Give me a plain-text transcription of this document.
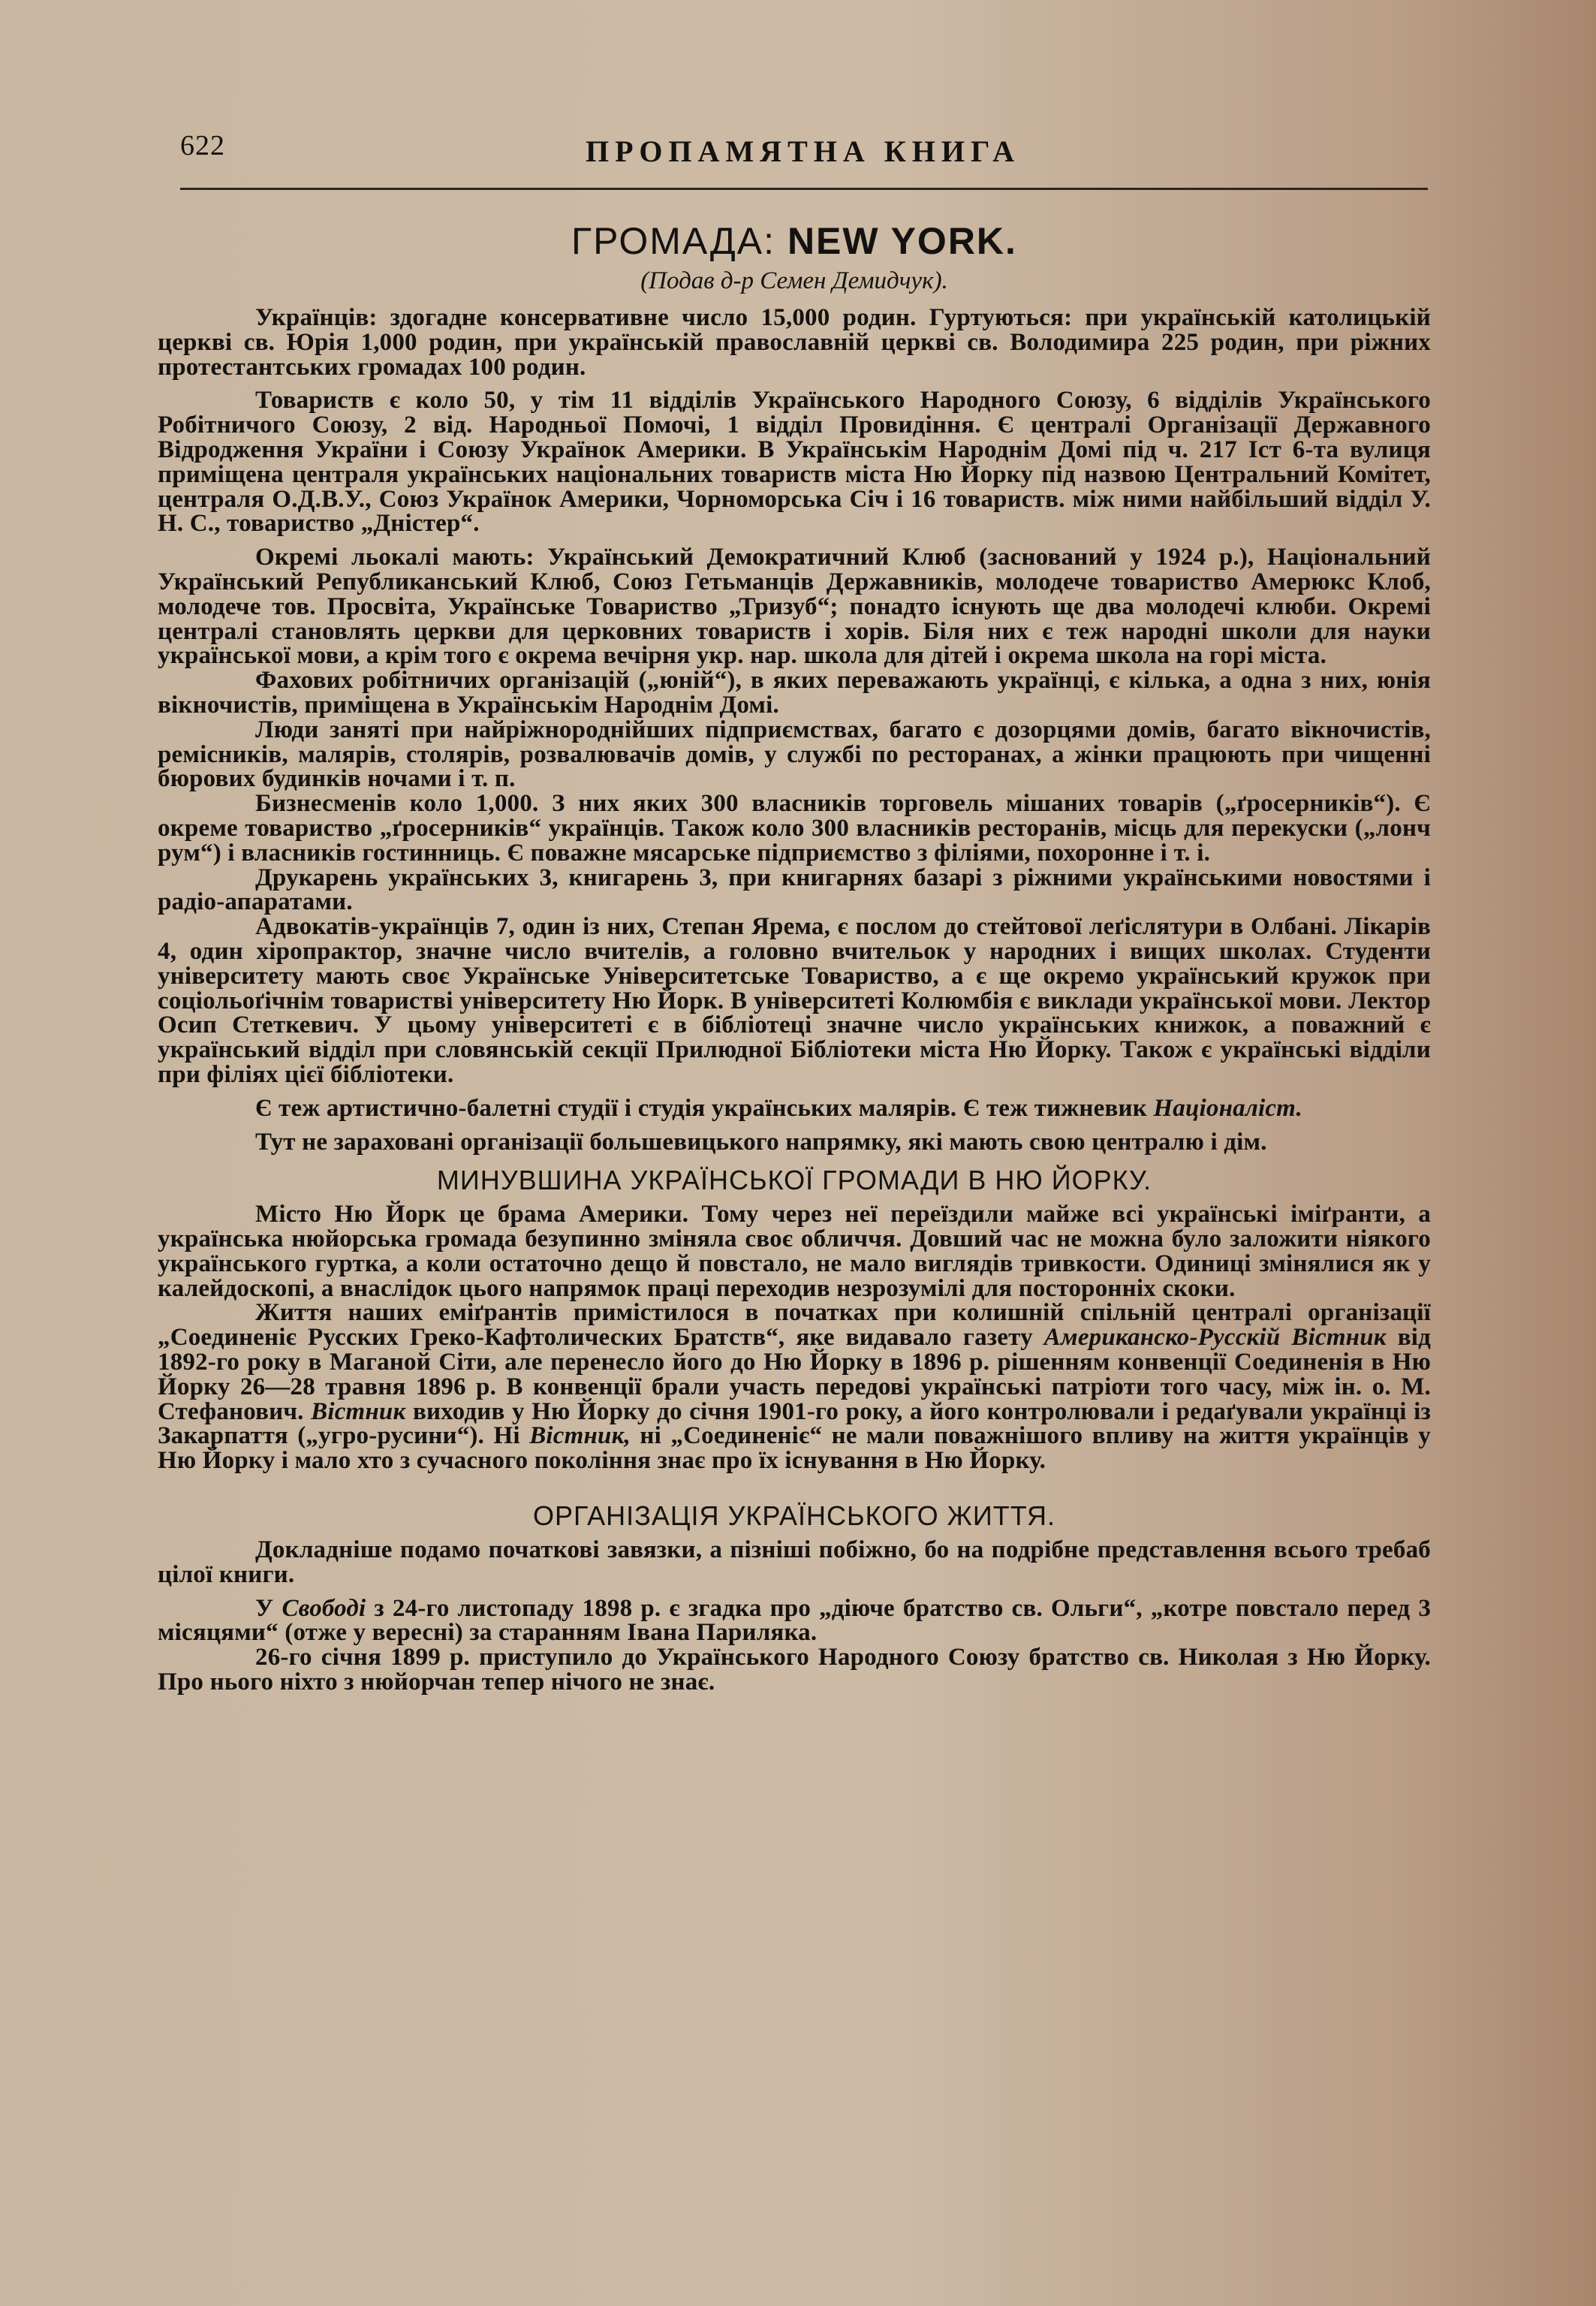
622	ПРОПАМЯТНА КНИГА
ГРОМАДА: NEW YORK.
(Подав д-р Семен Демидчук).

Українців: здогадне консервативне число 15,000 родин. Гуртуються: при українській католицькій церкві св. Юрія 1,000 родин, при українській православній церкві св. Володимира 225 родин, при ріжних протестантських громадах 100 родин.

Товариств є коло 50, у тім 11 відділів Українського Народного Союзу, 6 відділів Українського Робітничого Союзу, 2 від. Народньої Помочі, 1 відділ Провидіння. Є централі Організації Державного Відродження України і Союзу Українок Америки. В Українськім Народнім Домі під ч. 217 Іст 6-та вулиця приміщена централя українських національних товариств міста Ню Йорку під назвою Центральний Комітет, централя О.Д.В.У., Союз Українок Америки, Чорноморська Січ і 16 товариств. між ними найбільший відділ У. Н. С., товариство „Дністер“.

Окремі льокалі мають: Український Демократичний Клюб (заснований у 1924 р.), Національний Український Републиканський Клюб, Союз Гетьманців Державників, молодече товариство Амерюкс Клоб, молодече тов. Просвіта, Українське Товариство „Тризуб“; понадто існують ще два молодечі клюби. Окремі централі становлять церкви для церковних товариств і хорів. Біля них є теж народні школи для науки української мови, а крім того є окрема вечірня укр. нар. школа для дітей і окрема школа на горі міста.

Фахових робітничих організацій („юній“), в яких переважають українці, є кілька, а одна з них, юнія вікночистів, приміщена в Українськім Народнім Домі.

Люди заняті при найріжнороднійших підприємствах, багато є дозорцями домів, багато вікночистів, ремісників, малярів, столярів, розвалювачів домів, у службі по ресторанах, а жінки працюють при чищенні бюрових будинків ночами і т. п.

Бизнесменів коло 1,000. З них яких 300 власників торговель мішаних товарів („ґросерників“). Є окреме товариство „ґросерників“ українців. Також коло 300 власників ресторанів, місць для перекуски („лонч рум“) і власників гостинниць. Є поважне мясарське підприємство з філіями, похоронне і т. і.

Друкарень українських 3, книгарень 3, при книгарнях базарі з ріжними українськими новостями і радіо-апаратами.

Адвокатів-українців 7, один із них, Степан Ярема, є послом до стейтової леґіслятури в Олбані. Лікарів 4, один хіропрактор, значне число вчителів, а головно вчительок у народних і вищих школах. Студенти університету мають своє Українське Університетське Товариство, а є ще окремо український кружок при соціольоґічнім товаристві університету Ню Йорк. В університеті Колюмбія є виклади української мови. Лектор Осип Стеткевич. У цьому університеті є в бібліотеці значне число українських книжок, а поважний є український відділ при словянській секції Прилюдної Бібліотеки міста Ню Йорку. Також є українські відділи при філіях цієї бібліотеки.

Є теж артистично-балетні студії і студія українських малярів. Є теж тижневик Націоналіст.

Тут не зараховані організації большевицького напрямку, які мають свою централю і дім.

МИНУВШИНА УКРАЇНСЬКОЇ ГРОМАДИ В НЮ ЙОРКУ.

Місто Ню Йорк це брама Америки. Тому через неї переїздили майже всі українські іміґранти, а українська нюйорська громада безупинно зміняла своє обличчя. Довший час не можна було заложити ніякого українського гуртка, а коли остаточно дещо й повстало, не мало виглядів тривкости. Одиниці змінялися як у калейдоскопі, а внаслідок цього напрямок праці переходив незрозумілі для посторонніх скоки.

Життя наших еміґрантів примістилося в початках при колишній спільній централі організації „Соединеніє Русских Греко-Кафтолических Братств“, яке видавало газету Американско-Русскій Вістник від 1892-го року в Маганой Сіти, але перенесло його до Ню Йорку в 1896 р. рішенням конвенції Соединенія в Ню Йорку 26—28 травня 1896 р. В конвенції брали участь передові українські патріоти того часу, між ін. о. М. Стефанович. Вістник виходив у Ню Йорку до січня 1901-го року, а його контролювали і редаґували українці із Закарпаття („угро-русини“). Ні Вістник, ні „Соединеніє“ не мали поважнішого впливу на життя українців у Ню Йорку і мало хто з сучасного покоління знає про їх існування в Ню Йорку.

ОРГАНІЗАЦІЯ УКРАЇНСЬКОГО ЖИТТЯ.

Докладніше подамо початкові завязки, а пізніші побіжно, бо на подрібне представлення всього требаб цілої книги.

У Свободі з 24-го листопаду 1898 р. є згадка про „діюче братство св. Ольги“, „котре повстало перед 3 місяцями“ (отже у вересні) за старанням Івана Париляка.

26-го січня 1899 р. приступило до Українського Народного Союзу братство св. Николая з Ню Йорку. Про нього ніхто з нюйорчан тепер нічого не знає.
